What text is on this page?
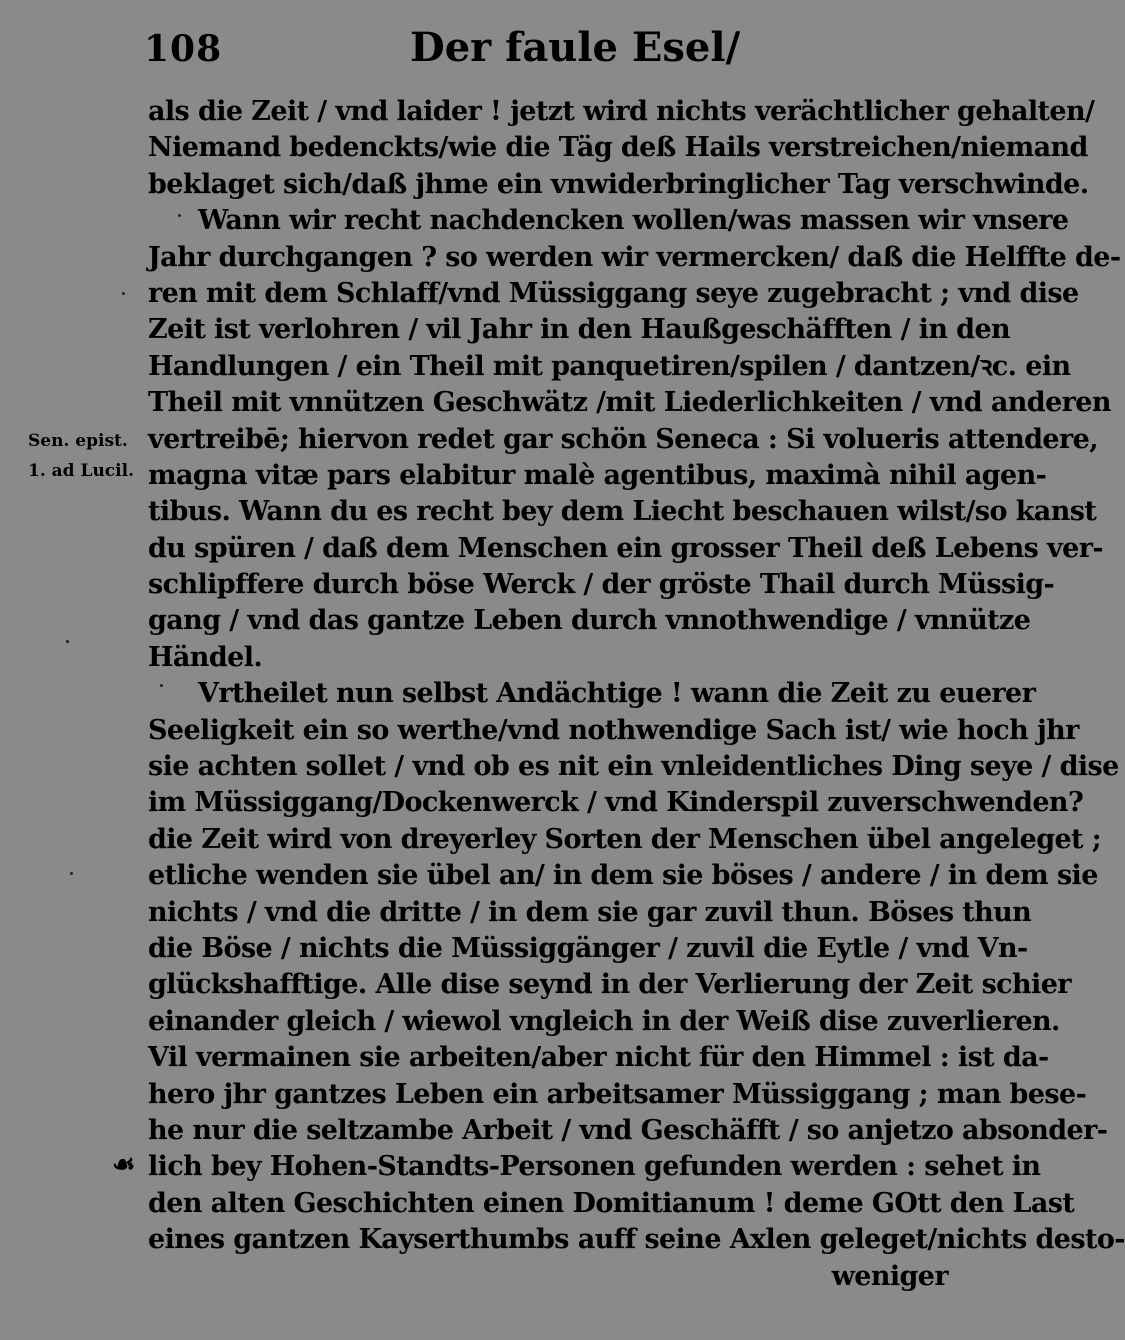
108	Der faule Esel/
Sen. epist.
1. ad Lucil.
als die Zeit / vnd laider ! jetzt wird nichts verächtlicher gehalten/
Niemand bedenckts/wie die Täg deß Hails verstreichen/niemand
beklaget sich/daß jhme ein vnwiderbringlicher Tag verschwinde.
Wann wir recht nachdencken wollen/was massen wir vnsere
Jahr durchgangen ? so werden wir vermercken/ daß die Helffte de-
ren mit dem Schlaff/vnd Müssiggang seye zugebracht ; vnd dise
Zeit ist verlohren / vil Jahr in den Haußgeschäfften / in den
Handlungen / ein Theil mit panquetiren/spilen / dantzen/ꝛc. ein
Theil mit vnnützen Geschwätz /mit Liederlichkeiten / vnd anderen
vertreibē; hiervon redet gar schön Seneca : Si volueris attendere,
magna vitæ pars elabitur malè agentibus, maximà nihil agen-
tibus. Wann du es recht bey dem Liecht beschauen wilst/so kanst
du spüren / daß dem Menschen ein grosser Theil deß Lebens ver-
schlipffere durch böse Werck / der gröste Thail durch Müssig-
gang / vnd das gantze Leben durch vnnothwendige / vnnütze
Händel.
Vrtheilet nun selbst Andächtige ! wann die Zeit zu euerer
Seeligkeit ein so werthe/vnd nothwendige Sach ist/ wie hoch jhr
sie achten sollet / vnd ob es nit ein vnleidentliches Ding seye / dise
im Müssiggang/Dockenwerck / vnd Kinderspil zuverschwenden?
die Zeit wird von dreyerley Sorten der Menschen übel angeleget ;
etliche wenden sie übel an/ in dem sie böses / andere / in dem sie
nichts / vnd die dritte / in dem sie gar zuvil thun. Böses thun
die Böse / nichts die Müssiggänger / zuvil die Eytle / vnd Vn-
glückshafftige. Alle dise seynd in der Verlierung der Zeit schier
einander gleich / wiewol vngleich in der Weiß dise zuverlieren.
Vil vermainen sie arbeiten/aber nicht für den Himmel : ist da-
hero jhr gantzes Leben ein arbeitsamer Müssiggang ; man bese-
he nur die seltzambe Arbeit / vnd Geschäfft / so anjetzo absonder-
lich bey Hohen-Standts-Personen gefunden werden : sehet in
den alten Geschichten einen Domitianum ! deme GOtt den Last
eines gantzen Kayserthumbs auff seine Axlen geleget/nichts desto-
weniger
☙
